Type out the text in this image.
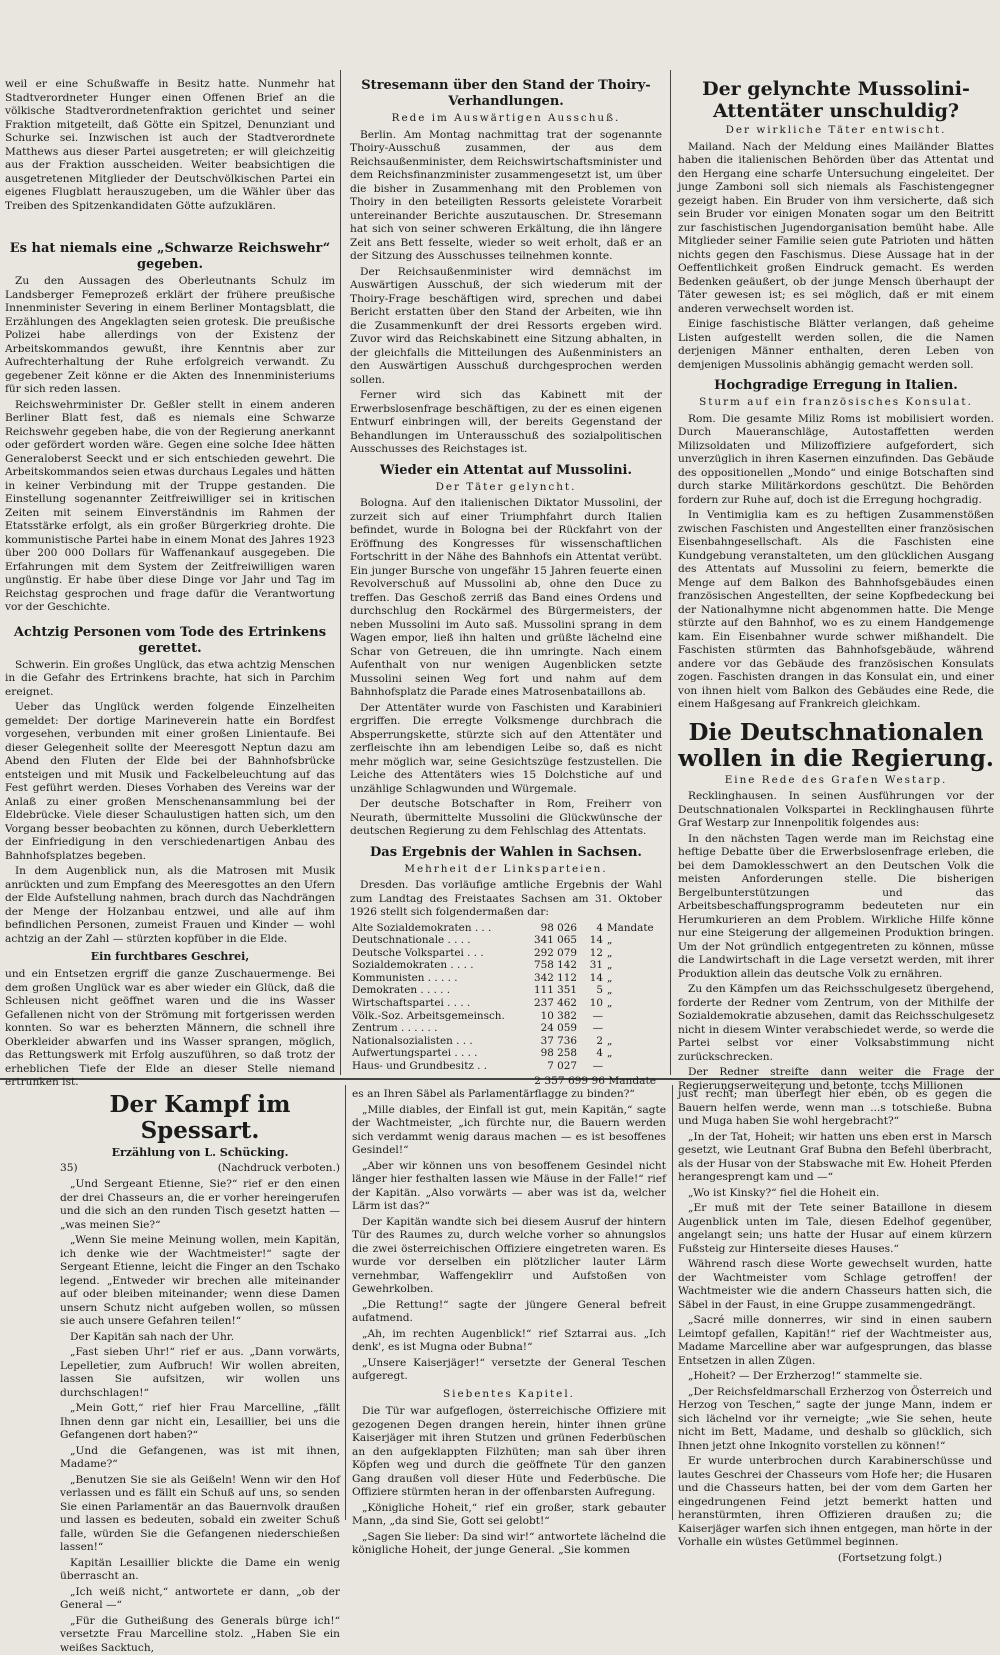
weil er eine Schußwaffe in Besitz hatte. Nunmehr hat Stadtverordneter Hunger einen Offenen Brief an die völkische Stadtverordnetenfraktion gerichtet und seiner Fraktion mitgeteilt, daß Götte ein Spitzel, Denunziant und Schurke sei. Inzwischen ist auch der Stadtverordnete Matthews aus dieser Partei ausgetreten; er will gleichzeitig aus der Fraktion ausscheiden. Weiter beabsichtigen die ausgetretenen Mitglieder der Deutschvölkischen Partei ein eigenes Flugblatt herauszugeben, um die Wähler über das Treiben des Spitzenkandidaten Götte aufzuklären.

Es hat niemals eine „Schwarze Reichswehr“ gegeben.

Zu den Aussagen des Oberleutnants Schulz im Landsberger Femeprozeß erklärt der frühere preußische Innenminister Severing in einem Berliner Montagsblatt, die Erzählungen des Angeklagten seien grotesk. Die preußische Polizei habe allerdings von der Existenz der Arbeitskommandos gewußt, ihre Kenntnis aber zur Aufrechterhaltung der Ruhe erfolgreich verwandt. Zu gegebener Zeit könne er die Akten des Innenministeriums für sich reden lassen.

Reichswehrminister Dr. Geßler stellt in einem anderen Berliner Blatt fest, daß es niemals eine Schwarze Reichswehr gegeben habe, die von der Regierung anerkannt oder gefördert worden wäre. Gegen eine solche Idee hätten Generaloberst Seeckt und er sich entschieden gewehrt. Die Arbeitskommandos seien etwas durchaus Legales und hätten in keiner Verbindung mit der Truppe gestanden. Die Einstellung sogenannter Zeitfreiwilliger sei in kritischen Zeiten mit seinem Einverständnis im Rahmen der Etatsstärke erfolgt, als ein großer Bürgerkrieg drohte. Die kommunistische Partei habe in einem Monat des Jahres 1923 über 200 000 Dollars für Waffenankauf ausgegeben. Die Erfahrungen mit dem System der Zeitfreiwilligen waren ungünstig. Er habe über diese Dinge vor Jahr und Tag im Reichstag gesprochen und frage dafür die Verantwortung vor der Geschichte.

Achtzig Personen vom Tode des Ertrinkens gerettet.

Schwerin. Ein großes Unglück, das etwa achtzig Menschen in die Gefahr des Ertrinkens brachte, hat sich in Parchim ereignet.

Ueber das Unglück werden folgende Einzelheiten gemeldet: Der dortige Marineverein hatte ein Bordfest vorgesehen, verbunden mit einer großen Linientaufe. Bei dieser Gelegenheit sollte der Meeresgott Neptun dazu am Abend den Fluten der Elde bei der Bahnhofsbrücke entsteigen und mit Musik und Fackelbeleuchtung auf das Fest geführt werden. Dieses Vorhaben des Vereins war der Anlaß zu einer großen Menschenansammlung bei der Eldebrücke. Viele dieser Schaulustigen hatten sich, um den Vorgang besser beobachten zu können, durch Ueberklettern der Einfriedigung in den verschiedenartigen Anbau des Bahnhofsplatzes begeben.

In dem Augenblick nun, als die Matrosen mit Musik anrückten und zum Empfang des Meeresgottes an den Ufern der Elde Aufstellung nahmen, brach durch das Nachdrängen der Menge der Holzanbau entzwei, und alle auf ihm befindlichen Personen, zumeist Frauen und Kinder — wohl achtzig an der Zahl — stürzten kopfüber in die Elde.

Ein furchtbares Geschrei,

und ein Entsetzen ergriff die ganze Zuschauermenge. Bei dem großen Unglück war es aber wieder ein Glück, daß die Schleusen nicht geöffnet waren und die ins Wasser Gefallenen nicht von der Strömung mit fortgerissen werden konnten. So war es beherzten Männern, die schnell ihre Oberkleider abwarfen und ins Wasser sprangen, möglich, das Rettungswerk mit Erfolg auszuführen, so daß trotz der erheblichen Tiefe der Elde an dieser Stelle niemand ertrunken ist.

Stresemann über den Stand der Thoiry-Verhandlungen.
Rede im Auswärtigen Ausschuß.

Berlin. Am Montag nachmittag trat der sogenannte Thoiry-Ausschuß zusammen, der aus dem Reichsaußenminister, dem Reichswirtschaftsminister und dem Reichsfinanzminister zusammengesetzt ist, um über die bisher in Zusammenhang mit den Problemen von Thoiry in den beteiligten Ressorts geleistete Vorarbeit untereinander Berichte auszutauschen. Dr. Stresemann hat sich von seiner schweren Erkältung, die ihn längere Zeit ans Bett fesselte, wieder so weit erholt, daß er an der Sitzung des Ausschusses teilnehmen konnte.

Der Reichsaußenminister wird demnächst im Auswärtigen Ausschuß, der sich wiederum mit der Thoiry-Frage beschäftigen wird, sprechen und dabei Bericht erstatten über den Stand der Arbeiten, wie ihn die Zusammenkunft der drei Ressorts ergeben wird. Zuvor wird das Reichskabinett eine Sitzung abhalten, in der gleichfalls die Mitteilungen des Außenministers an den Auswärtigen Ausschuß durchgesprochen werden sollen.

Ferner wird sich das Kabinett mit der Erwerbslosenfrage beschäftigen, zu der es einen eigenen Entwurf einbringen will, der bereits Gegenstand der Behandlungen im Unterausschuß des sozialpolitischen Ausschusses des Reichstages ist.

Wieder ein Attentat auf Mussolini.
Der Täter gelyncht.

Bologna. Auf den italienischen Diktator Mussolini, der zurzeit sich auf einer Triumphfahrt durch Italien befindet, wurde in Bologna bei der Rückfahrt von der Eröffnung des Kongresses für wissenschaftlichen Fortschritt in der Nähe des Bahnhofs ein Attentat verübt. Ein junger Bursche von ungefähr 15 Jahren feuerte einen Revolverschuß auf Mussolini ab, ohne den Duce zu treffen. Das Geschoß zerriß das Band eines Ordens und durchschlug den Rockärmel des Bürgermeisters, der neben Mussolini im Auto saß. Mussolini sprang in dem Wagen empor, ließ ihn halten und grüßte lächelnd eine Schar von Getreuen, die ihn umringte. Nach einem Aufenthalt von nur wenigen Augenblicken setzte Mussolini seinen Weg fort und nahm auf dem Bahnhofsplatz die Parade eines Matrosenbataillons ab.

Der Attentäter wurde von Faschisten und Karabinieri ergriffen. Die erregte Volksmenge durchbrach die Absperrungskette, stürzte sich auf den Attentäter und zerfleischte ihn am lebendigen Leibe so, daß es nicht mehr möglich war, seine Gesichtszüge festzustellen. Die Leiche des Attentäters wies 15 Dolchstiche auf und unzählige Schlagwunden und Würgemale.

Der deutsche Botschafter in Rom, Freiherr von Neurath, übermittelte Mussolini die Glückwünsche der deutschen Regierung zu dem Fehlschlag des Attentats.

Das Ergebnis der Wahlen in Sachsen.
Mehrheit der Linksparteien.

Dresden. Das vorläufige amtliche Ergebnis der Wahl zum Landtag des Freistaates Sachsen am 31. Oktober 1926 stellt sich folgendermaßen dar:

Alte Sozialdemokraten . . .	98 026	4	Mandate
Deutschnationale . . . .	341 065	14	„
Deutsche Volkspartei . . .	292 079	12	„
Sozialdemokraten . . . .	758 142	31	„
Kommunisten . . . . .	342 112	14	„
Demokraten . . . . .	111 351	5	„
Wirtschaftspartei . . . .	237 462	10	„
Völk.-Soz. Arbeitsgemeinsch.	10 382	—	
Zentrum . . . . . .	24 059	—	
Nationalsozialisten . . .	37 736	2	„
Aufwertungspartei . . . .	98 258	4	„
Haus- und Grundbesitz . .	7 027	—	
2 357 699 96 Mandate
Der gelynchte Mussolini-Attentäter unschuldig?
Der wirkliche Täter entwischt.

Mailand. Nach der Meldung eines Mailänder Blattes haben die italienischen Behörden über das Attentat und den Hergang eine scharfe Untersuchung eingeleitet. Der junge Zamboni soll sich niemals als Faschistengegner gezeigt haben. Ein Bruder von ihm versicherte, daß sich sein Bruder vor einigen Monaten sogar um den Beitritt zur faschistischen Jugendorganisation bemüht habe. Alle Mitglieder seiner Familie seien gute Patrioten und hätten nichts gegen den Faschismus. Diese Aussage hat in der Oeffentlichkeit großen Eindruck gemacht. Es werden Bedenken geäußert, ob der junge Mensch überhaupt der Täter gewesen ist; es sei möglich, daß er mit einem anderen verwechselt worden ist.

Einige faschistische Blätter verlangen, daß geheime Listen aufgestellt werden sollen, die die Namen derjenigen Männer enthalten, deren Leben von demjenigen Mussolinis abhängig gemacht werden soll.

Hochgradige Erregung in Italien.
Sturm auf ein französisches Konsulat.

Rom. Die gesamte Miliz Roms ist mobilisiert worden. Durch Maueranschläge, Autostaffetten werden Milizsoldaten und Milizoffiziere aufgefordert, sich unverzüglich in ihren Kasernen einzufinden. Das Gebäude des oppositionellen „Mondo“ und einige Botschaften sind durch starke Militärkordons geschützt. Die Behörden fordern zur Ruhe auf, doch ist die Erregung hochgradig.

In Ventimiglia kam es zu heftigen Zusammenstößen zwischen Faschisten und Angestellten einer französischen Eisenbahngesellschaft. Als die Faschisten eine Kundgebung veranstalteten, um den glücklichen Ausgang des Attentats auf Mussolini zu feiern, bemerkte die Menge auf dem Balkon des Bahnhofsgebäudes einen französischen Angestellten, der seine Kopfbedeckung bei der Nationalhymne nicht abgenommen hatte. Die Menge stürzte auf den Bahnhof, wo es zu einem Handgemenge kam. Ein Eisenbahner wurde schwer mißhandelt. Die Faschisten stürmten das Bahnhofsgebäude, während andere vor das Gebäude des französischen Konsulats zogen. Faschisten drangen in das Konsulat ein, und einer von ihnen hielt vom Balkon des Gebäudes eine Rede, die einem Haßgesang auf Frankreich gleichkam.

Die Deutschnationalen
wollen in die Regierung.
Eine Rede des Grafen Westarp.

Recklinghausen. In seinen Ausführungen vor der Deutschnationalen Volkspartei in Recklinghausen führte Graf Westarp zur Innenpolitik folgendes aus:

In den nächsten Tagen werde man im Reichstag eine heftige Debatte über die Erwerbslosenfrage erleben, die bei dem Damoklesschwert an den Deutschen Volk die meisten Anforderungen stelle. Die bisherigen Bergelbunterstützungen und das Arbeitsbeschaffungsprogramm bedeuteten nur ein Herumkurieren an dem Problem. Wirkliche Hilfe könne nur eine Steigerung der allgemeinen Produktion bringen. Um der Not gründlich entgegentreten zu können, müsse die Landwirtschaft in die Lage versetzt werden, mit ihrer Produktion allein das deutsche Volk zu ernähren.

Zu den Kämpfen um das Reichsschulgesetz übergehend, forderte der Redner vom Zentrum, von der Mithilfe der Sozialdemokratie abzusehen, damit das Reichsschulgesetz nicht in diesem Winter verabschiedet werde, so werde die Partei selbst vor einer Volksabstimmung nicht zurückschrecken.

Der Redner streifte dann weiter die Frage der Regierungserweiterung und betonte, tcchs Millionen

Der Kampf im Spessart.
Erzählung von L. Schücking.
35)	(Nachdruck verboten.)

„Und Sergeant Etienne, Sie?“ rief er den einen der drei Chasseurs an, die er vorher hereingerufen und die sich an den runden Tisch gesetzt hatten — „was meinen Sie?“

„Wenn Sie meine Meinung wollen, mein Kapitän, ich denke wie der Wachtmeister!“ sagte der Sergeant Etienne, leicht die Finger an den Tschako legend. „Entweder wir brechen alle miteinander auf oder bleiben miteinander; wenn diese Damen unsern Schutz nicht aufgeben wollen, so müssen sie auch unsere Gefahren teilen!“

Der Kapitän sah nach der Uhr.

„Fast sieben Uhr!“ rief er aus. „Dann vorwärts, Lepelletier, zum Aufbruch! Wir wollen abreiten, lassen Sie aufsitzen, wir wollen uns durchschlagen!“

„Mein Gott,“ rief hier Frau Marcelline, „fällt Ihnen denn gar nicht ein, Lesaillier, bei uns die Gefangenen dort haben?“

„Und die Gefangenen, was ist mit ihnen, Madame?“

„Benutzen Sie sie als Geißeln! Wenn wir den Hof verlassen und es fällt ein Schuß auf uns, so senden Sie einen Parlamentär an das Bauernvolk draußen und lassen es bedeuten, sobald ein zweiter Schuß falle, würden Sie die Gefangenen niederschießen lassen!“

Kapitän Lesaillier blickte die Dame ein wenig überrascht an.

„Ich weiß nicht,“ antwortete er dann, „ob der General —“

„Für die Gutheißung des Generals bürge ich!“ versetzte Frau Marcelline stolz. „Haben Sie ein weißes Sacktuch,

es an Ihren Säbel als Parlamentärflagge zu binden?“

„Mille diables, der Einfall ist gut, mein Kapitän,“ sagte der Wachtmeister, „ich fürchte nur, die Bauern werden sich verdammt wenig daraus machen — es ist besoffenes Gesindel!“

„Aber wir können uns von besoffenem Gesindel nicht länger hier festhalten lassen wie Mäuse in der Falle!“ rief der Kapitän. „Also vorwärts — aber was ist da, welcher Lärm ist das?“

Der Kapitän wandte sich bei diesem Ausruf der hintern Tür des Raumes zu, durch welche vorher so ahnungslos die zwei österreichischen Offiziere eingetreten waren. Es wurde vor derselben ein plötzlicher lauter Lärm vernehmbar, Waffengeklirr und Aufstoßen von Gewehrkolben.

„Die Rettung!“ sagte der jüngere General befreit aufatmend.

„Ah, im rechten Augenblick!“ rief Sztarrai aus. „Ich denk', es ist Mugna oder Bubna!“

„Unsere Kaiserjäger!“ versetzte der General Teschen aufgeregt.

Siebentes Kapitel.

Die Tür war aufgeflogen, österreichische Offiziere mit gezogenen Degen drangen herein, hinter ihnen grüne Kaiserjäger mit ihren Stutzen und grünen Federbüschen an den aufgeklappten Filzhüten; man sah über ihren Köpfen weg und durch die geöffnete Tür den ganzen Gang draußen voll dieser Hüte und Federbüsche. Die Offiziere stürmten heran in der offenbarsten Aufregung.

„Königliche Hoheit,“ rief ein großer, stark gebauter Mann, „da sind Sie, Gott sei gelobt!“

„Sagen Sie lieber: Da sind wir!“ antwortete lächelnd die königliche Hoheit, der junge General. „Sie kommen

just recht; man überlegt hier eben, ob es gegen die Bauern helfen werde, wenn man ...s totschieße. Bubna und Muga haben Sie wohl hergebracht?“

„In der Tat, Hoheit; wir hatten uns eben erst in Marsch gesetzt, wie Leutnant Graf Bubna den Befehl überbracht, als der Husar von der Stabswache mit Ew. Hoheit Pferden herangesprengt kam und —“

„Wo ist Kinsky?“ fiel die Hoheit ein.

„Er muß mit der Tete seiner Bataillone in diesem Augenblick unten im Tale, diesen Edelhof gegenüber, angelangt sein; uns hatte der Husar auf einem kürzern Fußsteig zur Hinterseite dieses Hauses.“

Während rasch diese Worte gewechselt wurden, hatte der Wachtmeister vom Schlage getroffen! der Wachtmeister wie die andern Chasseurs hatten sich, die Säbel in der Faust, in eine Gruppe zusammengedrängt.

„Sacré mille donnerres, wir sind in einen saubern Leimtopf gefallen, Kapitän!“ rief der Wachtmeister aus, Madame Marcelline aber war aufgesprungen, das blasse Entsetzen in allen Zügen.

„Hoheit? — Der Erzherzog!“ stammelte sie.

„Der Reichsfeldmarschall Erzherzog von Österreich und Herzog von Teschen,“ sagte der junge Mann, indem er sich lächelnd vor ihr verneigte; „wie Sie sehen, heute nicht im Bett, Madame, und deshalb so glücklich, sich Ihnen jetzt ohne Inkognito vorstellen zu können!“

Er wurde unterbrochen durch Karabinerschüsse und lautes Geschrei der Chasseurs vom Hofe her; die Husaren und die Chasseurs hatten, bei der vom dem Garten her eingedrungenen Feind jetzt bemerkt hatten und heranstürmten, ihren Offizieren draußen zu; die Kaiserjäger warfen sich ihnen entgegen, man hörte in der Vorhalle ein wüstes Getümmel beginnen.

(Fortsetzung folgt.)
